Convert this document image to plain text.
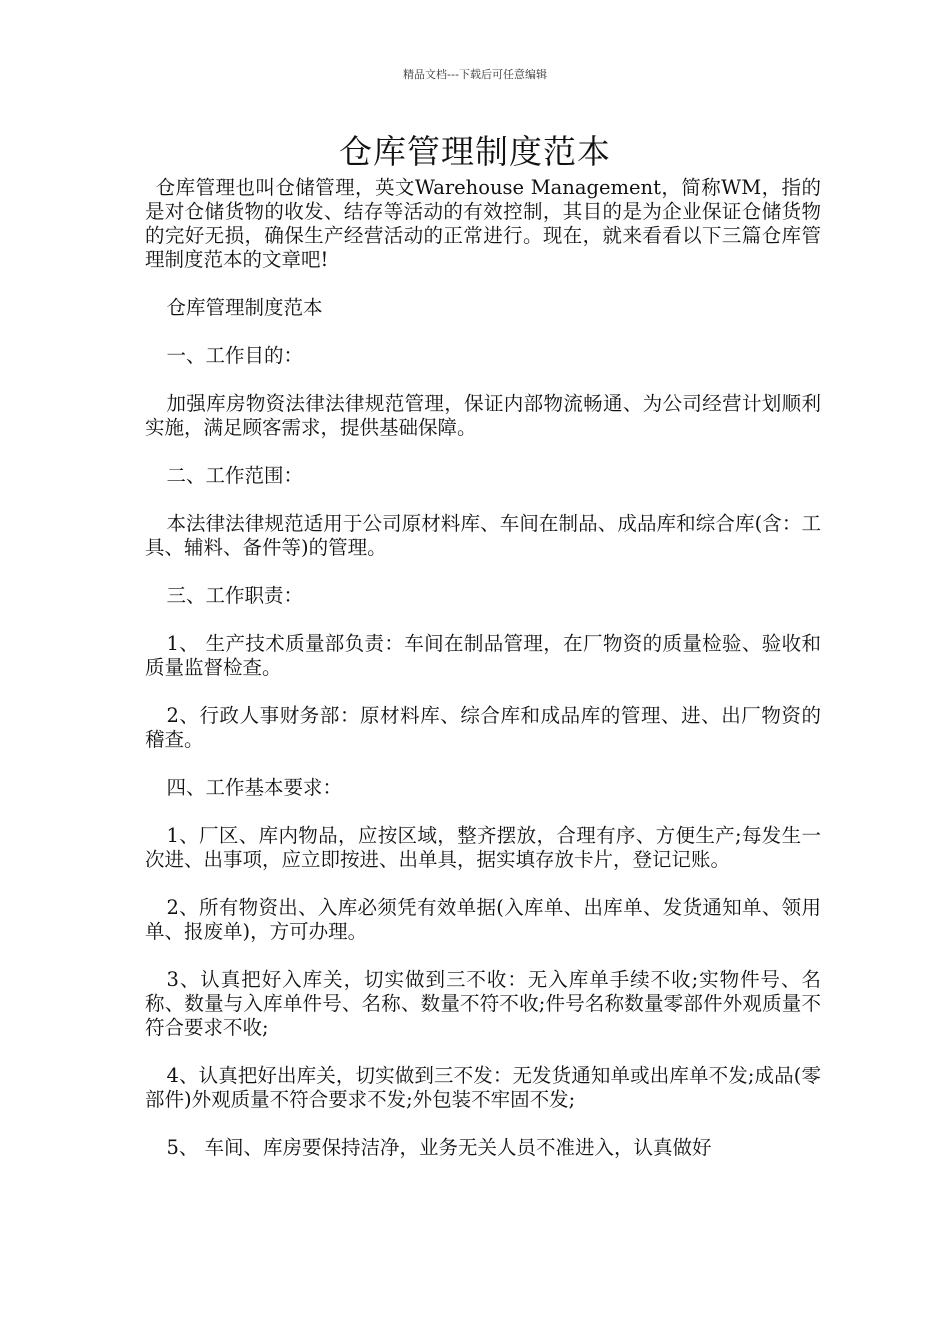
精品文档---下载后可任意编辑
仓库管理制度范本

仓库管理也叫仓储管理，英文Warehouse Management，简称WM，指的是对仓储货物的收发、结存等活动的有效控制，其目的是为企业保证仓储货物的完好无损，确保生产经营活动的正常进行。现在，就来看看以下三篇仓库管理制度范本的文章吧!

仓库管理制度范本

一、工作目的：

加强库房物资法律法律规范管理，保证内部物流畅通、为公司经营计划顺利实施，满足顾客需求，提供基础保障。

二、工作范围：

本法律法律规范适用于公司原材料库、车间在制品、成品库和综合库(含：工具、辅料、备件等)的管理。

三、工作职责：

1、 生产技术质量部负责：车间在制品管理，在厂物资的质量检验、验收和质量监督检查。

2、行政人事财务部：原材料库、综合库和成品库的管理、进、出厂物资的稽查。

四、工作基本要求：

1、厂区、库内物品，应按区域，整齐摆放，合理有序、方便生产;每发生一次进、出事项，应立即按进、出单具，据实填存放卡片，登记记账。

2、所有物资出、入库必须凭有效单据(入库单、出库单、发货通知单、领用单、报废单)，方可办理。

3、认真把好入库关，切实做到三不收：无入库单手续不收;实物件号、名称、数量与入库单件号、名称、数量不符不收;件号名称数量零部件外观质量不符合要求不收;

4、认真把好出库关，切实做到三不发：无发货通知单或出库单不发;成品(零部件)外观质量不符合要求不发;外包装不牢固不发;

5、 车间、库房要保持洁净，业务无关人员不准进入，认真做好
